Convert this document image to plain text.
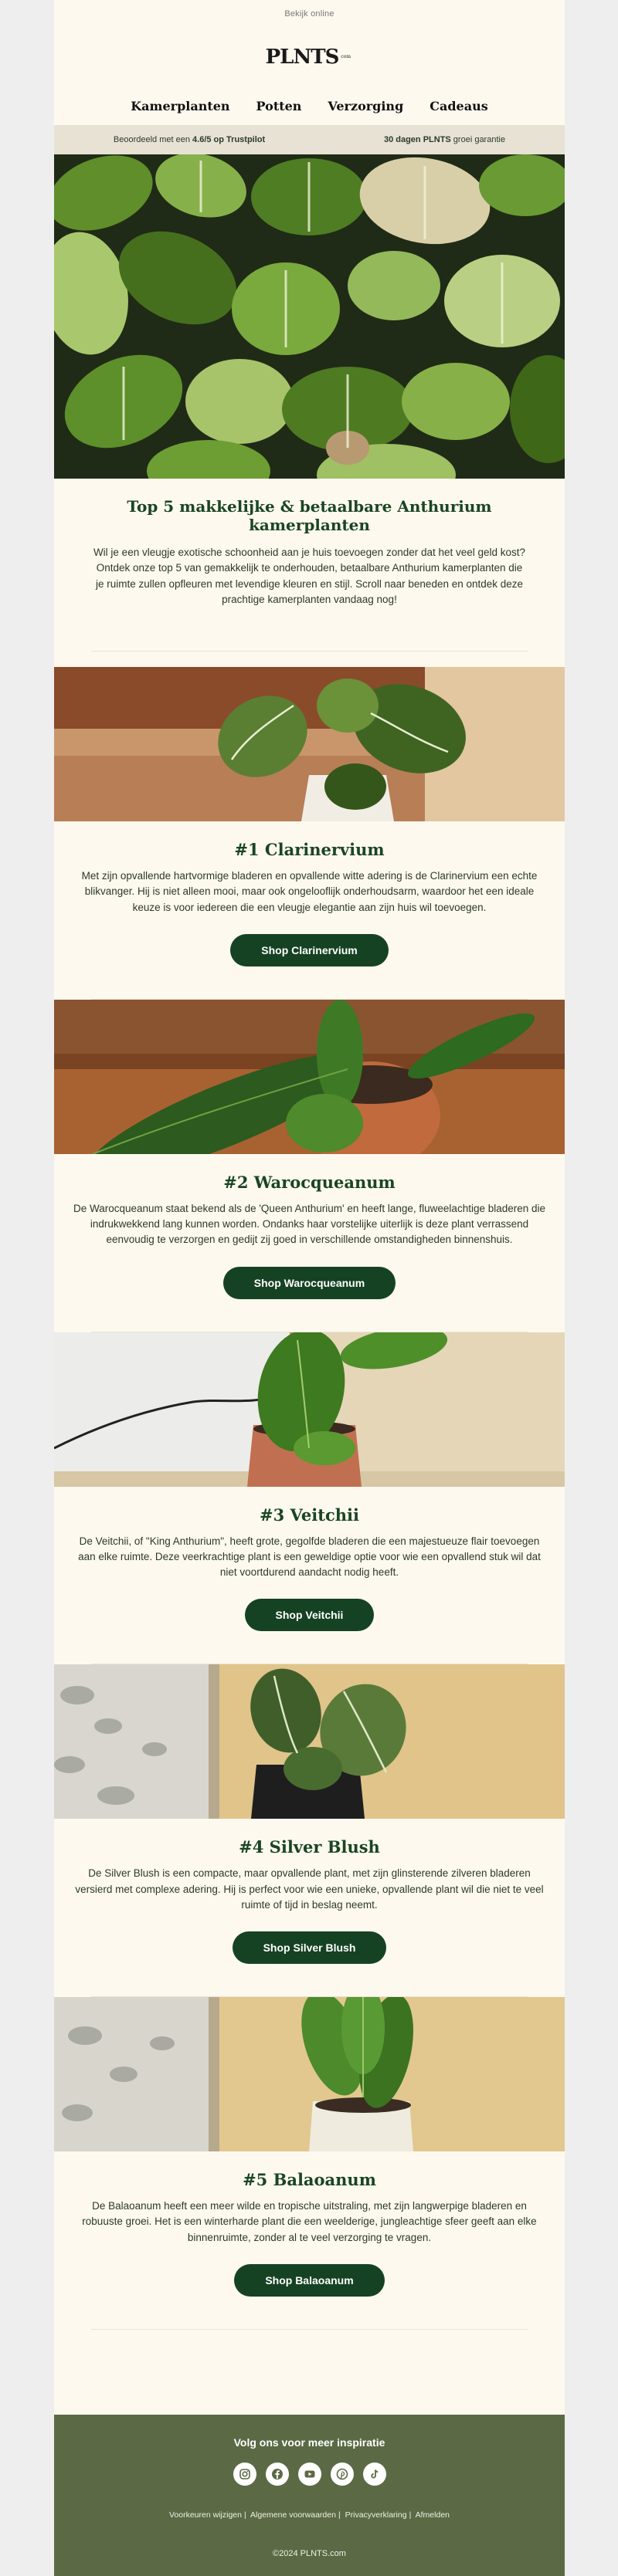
Bekijk online
PLNTS com
Kamerplanten Potten Verzorging Cadeaus
Beoordeeld met een 4.6/5 op Trustpilot	30 dagen PLNTS groei garantie
Top 5 makkelijke & betaalbare Anthurium kamerplanten

Wil je een vleugje exotische schoonheid aan je huis toevoegen zonder dat het veel geld kost? Ontdek onze top 5 van gemakkelijk te onderhouden, betaalbare Anthurium kamerplanten die je ruimte zullen opfleuren met levendige kleuren en stijl. Scroll naar beneden en ontdek deze prachtige kamerplanten vandaag nog!

#1 Clarinervium

Met zijn opvallende hartvormige bladeren en opvallende witte adering is de Clarinervium een echte blikvanger. Hij is niet alleen mooi, maar ook ongelooflijk onderhoudsarm, waardoor het een ideale keuze is voor iedereen die een vleugje elegantie aan zijn huis wil toevoegen.

Shop Clarinervium
#2 Warocqueanum

De Warocqueanum staat bekend als de 'Queen Anthurium' en heeft lange, fluweelachtige bladeren die indrukwekkend lang kunnen worden. Ondanks haar vorstelijke uiterlijk is deze plant verrassend eenvoudig te verzorgen en gedijt zij goed in verschillende omstandigheden binnenshuis.

Shop Warocqueanum
#3 Veitchii

De Veitchii, of "King Anthurium", heeft grote, gegolfde bladeren die een majestueuze flair toevoegen aan elke ruimte. Deze veerkrachtige plant is een geweldige optie voor wie een opvallend stuk wil dat niet voortdurend aandacht nodig heeft.

Shop Veitchii
#4 Silver Blush

De Silver Blush is een compacte, maar opvallende plant, met zijn glinsterende zilveren bladeren versierd met complexe adering. Hij is perfect voor wie een unieke, opvallende plant wil die niet te veel ruimte of tijd in beslag neemt.

Shop Silver Blush
#5 Balaoanum

De Balaoanum heeft een meer wilde en tropische uitstraling, met zijn langwerpige bladeren en robuuste groei. Het is een winterharde plant die een weelderige, jungleachtige sfeer geeft aan elke binnenruimte, zonder al te veel verzorging te vragen.

Shop Balaoanum
Volg ons voor meer inspiratie
Voorkeuren wijzigen | Algemene voorwaarden | Privacyverklaring | Afmelden
©2024 PLNTS.com
